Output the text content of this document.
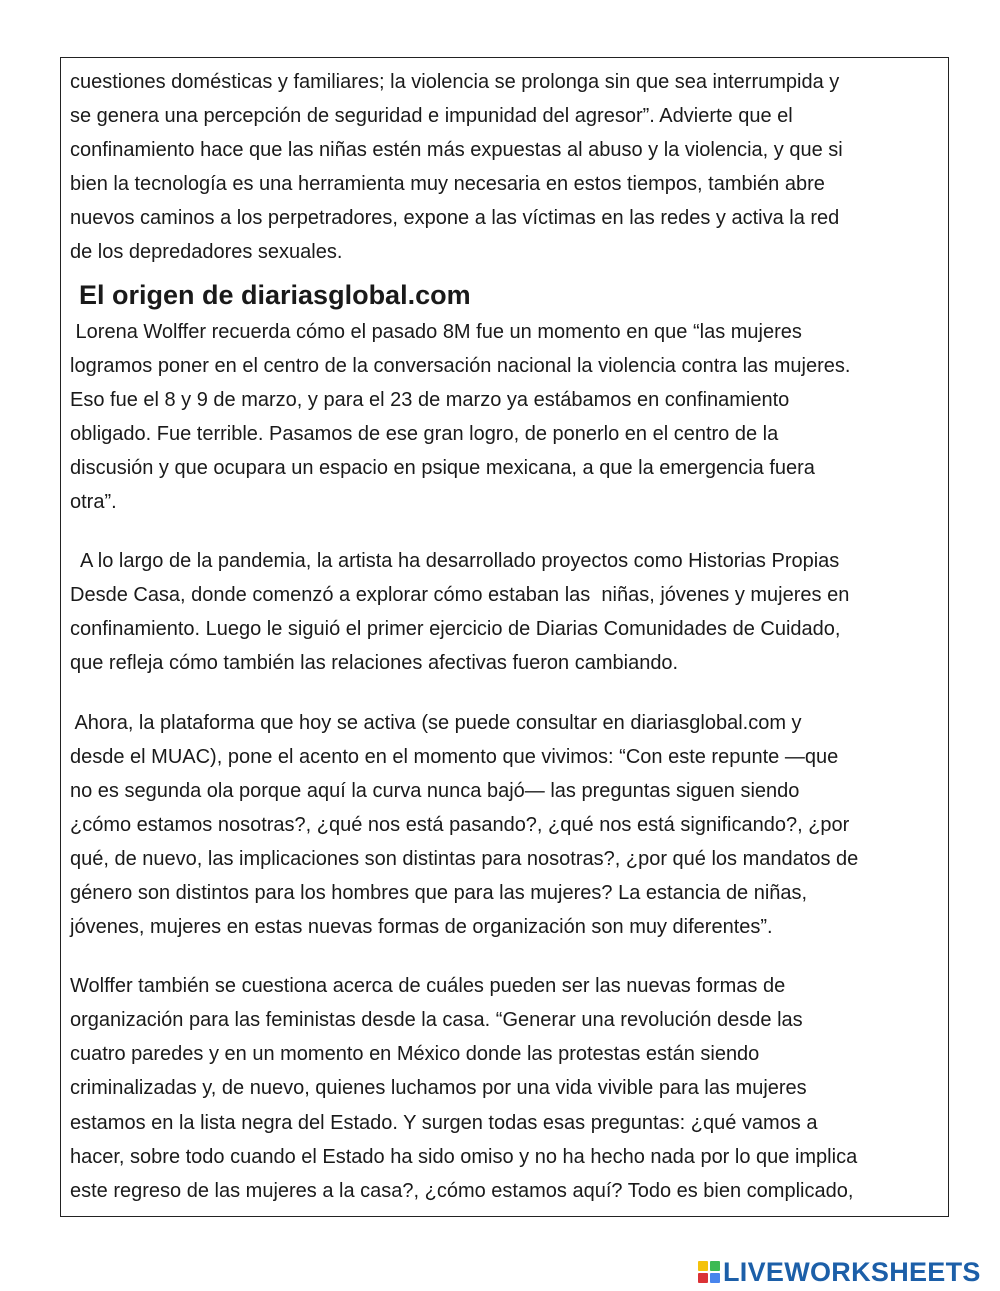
cuestiones domésticas y familiares; la violencia se prolonga sin que sea interrumpida y

se genera una percepción de seguridad e impunidad del agresor”. Advierte que el

confinamiento hace que las niñas estén más expuestas al abuso y la violencia, y que si

bien la tecnología es una herramienta muy necesaria en estos tiempos, también abre

nuevos caminos a los perpetradores, expone a las víctimas en las redes y activa la red

de los depredadores sexuales.

El origen de diariasglobal.com

Lorena Wolffer recuerda cómo el pasado 8M fue un momento en que “las mujeres

logramos poner en el centro de la conversación nacional la violencia contra las mujeres.

Eso fue el 8 y 9 de marzo, y para el 23 de marzo ya estábamos en confinamiento

obligado. Fue terrible. Pasamos de ese gran logro, de ponerlo en el centro de la

discusión y que ocupara un espacio en psique mexicana, a que la emergencia fuera

otra”.

A lo largo de la pandemia, la artista ha desarrollado proyectos como Historias Propias

Desde Casa, donde comenzó a explorar cómo estaban las  niñas, jóvenes y mujeres en

confinamiento. Luego le siguió el primer ejercicio de Diarias Comunidades de Cuidado,

que refleja cómo también las relaciones afectivas fueron cambiando.

Ahora, la plataforma que hoy se activa (se puede consultar en diariasglobal.com y

desde el MUAC), pone el acento en el momento que vivimos: “Con este repunte —que

no es segunda ola porque aquí la curva nunca bajó— las preguntas siguen siendo

¿cómo estamos nosotras?, ¿qué nos está pasando?, ¿qué nos está significando?, ¿por

qué, de nuevo, las implicaciones son distintas para nosotras?, ¿por qué los mandatos de

género son distintos para los hombres que para las mujeres? La estancia de niñas,

jóvenes, mujeres en estas nuevas formas de organización son muy diferentes”.

Wolffer también se cuestiona acerca de cuáles pueden ser las nuevas formas de

organización para las feministas desde la casa. “Generar una revolución desde las

cuatro paredes y en un momento en México donde las protestas están siendo

criminalizadas y, de nuevo, quienes luchamos por una vida vivible para las mujeres

estamos en la lista negra del Estado. Y surgen todas esas preguntas: ¿qué vamos a

hacer, sobre todo cuando el Estado ha sido omiso y no ha hecho nada por lo que implica

este regreso de las mujeres a la casa?, ¿cómo estamos aquí? Todo es bien complicado,

LIVEWORKSHEETS
